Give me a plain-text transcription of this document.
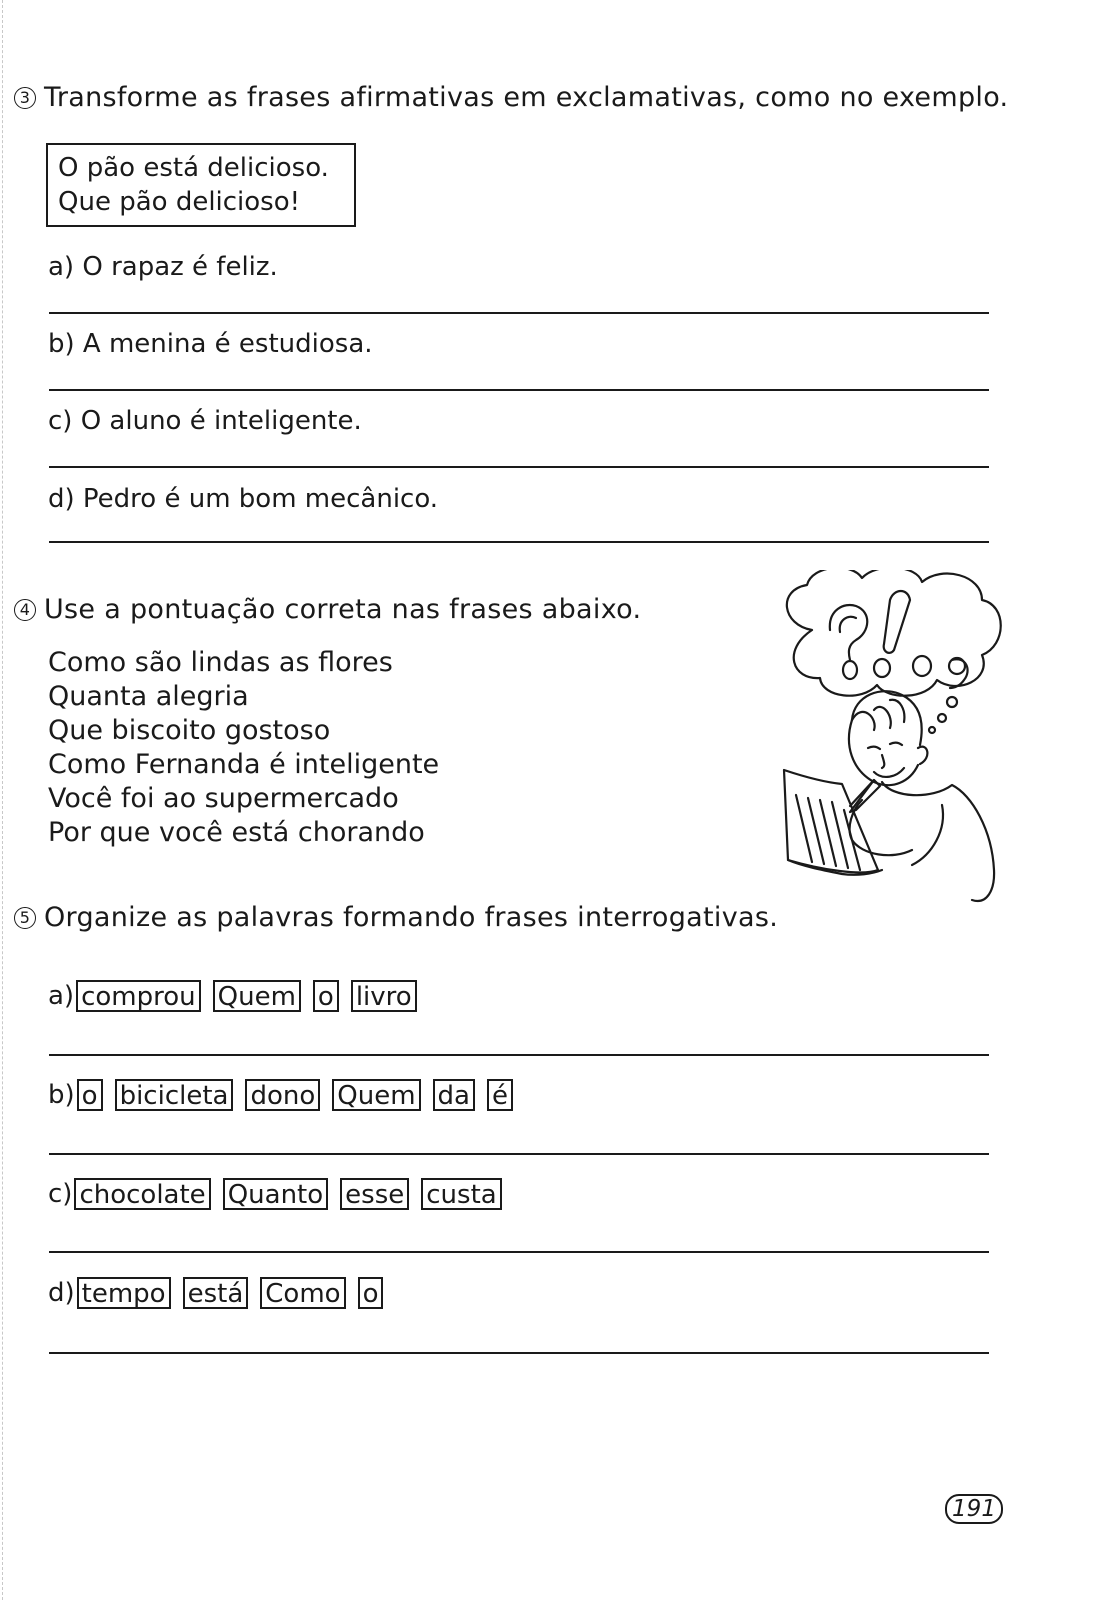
3 Transforme as frases afirmativas em exclamativas, como no exemplo.
O pão está delicioso.
Que pão delicioso!
a) O rapaz é feliz.
b) A menina é estudiosa.
c) O aluno é inteligente.
d) Pedro é um bom mecânico.
4 Use a pontuação correta nas frases abaixo.
Como são lindas as flores
Quanta alegria
Que biscoito gostoso
Como Fernanda é inteligente
Você foi ao supermercado
Por que você está chorando
5 Organize as palavras formando frases interrogativas.
a) comprou Quem o livro
b) o bicicleta dono Quem da é
c) chocolate Quanto esse custa
d) tempo está Como o
191
